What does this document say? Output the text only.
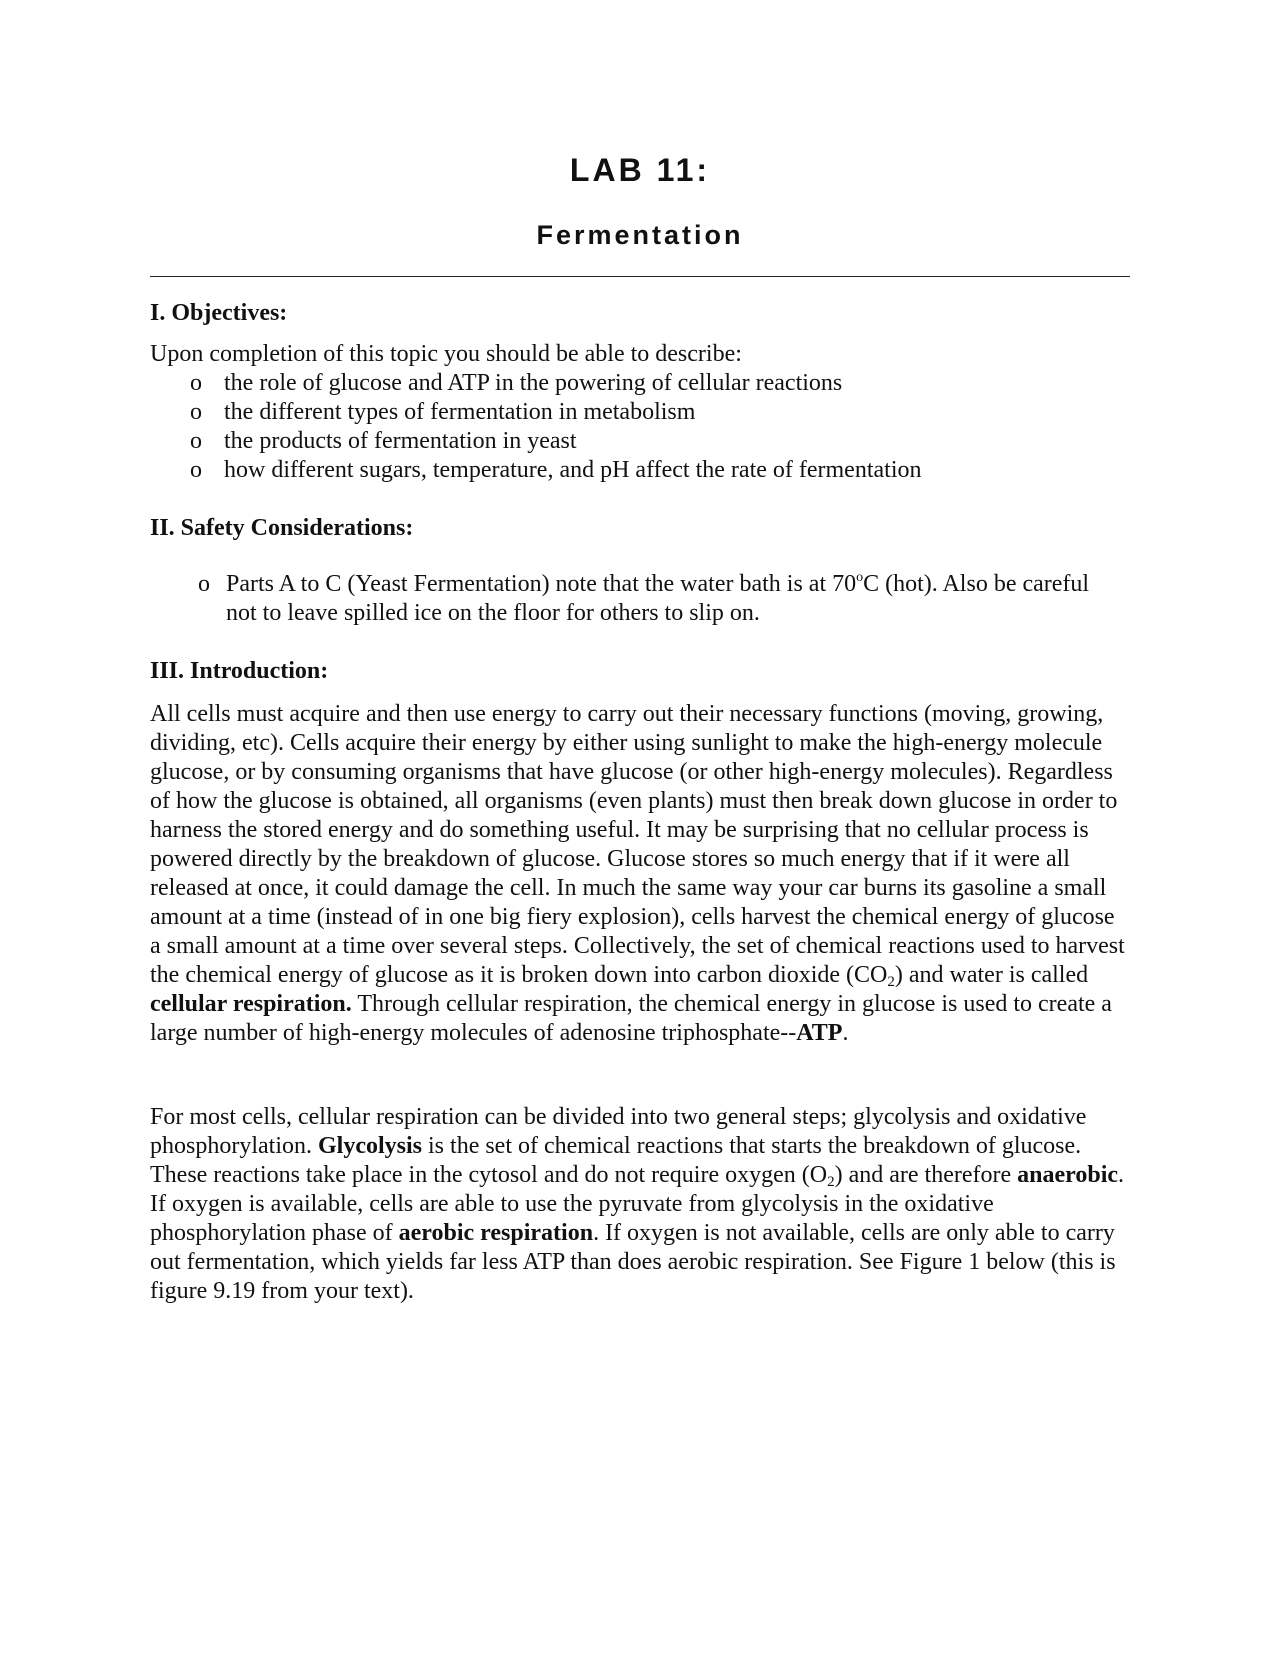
LAB 11:
Fermentation
I. Objectives:
Upon completion of this topic you should be able to describe:
o the role of glucose and ATP in the powering of cellular reactions
o the different types of fermentation in metabolism
o the products of fermentation in yeast
o how different sugars, temperature, and pH affect the rate of fermentation
II. Safety Considerations:
o Parts A to C (Yeast Fermentation) note that the water bath is at 70$^o$C (hot). Also be careful not to leave spilled ice on the floor for others to slip on.
III. Introduction:

All cells must acquire and then use energy to carry out their necessary functions (moving, growing, dividing, etc). Cells acquire their energy by either using sunlight to make the high-energy molecule glucose, or by consuming organisms that have glucose (or other high-energy molecules). Regardless of how the glucose is obtained, all organisms (even plants) must then break down glucose in order to harness the stored energy and do something useful. It may be surprising that no cellular process is powered directly by the breakdown of glucose. Glucose stores so much energy that if it were all released at once, it could damage the cell. In much the same way your car burns its gasoline a small amount at a time (instead of in one big fiery explosion), cells harvest the chemical energy of glucose a small amount at a time over several steps. Collectively, the set of chemical reactions used to harvest the chemical energy of glucose as it is broken down into carbon dioxide $(CO_2)$ and water is called cellular respiration. Through cellular respiration, the chemical energy in glucose is used to create a large number of high-energy molecules of adenosine triphosphate--ATP.

For most cells, cellular respiration can be divided into two general steps; glycolysis and oxidative phosphorylation. Glycolysis is the set of chemical reactions that starts the breakdown of glucose. These reactions take place in the cytosol and do not require oxygen $(O_2)$ and are therefore anaerobic. If oxygen is available, cells are able to use the pyruvate from glycolysis in the oxidative phosphorylation phase of aerobic respiration. If oxygen is not available, cells are only able to carry out fermentation, which yields far less ATP than does aerobic respiration. See Figure 1 below (this is figure 9.19 from your text).
